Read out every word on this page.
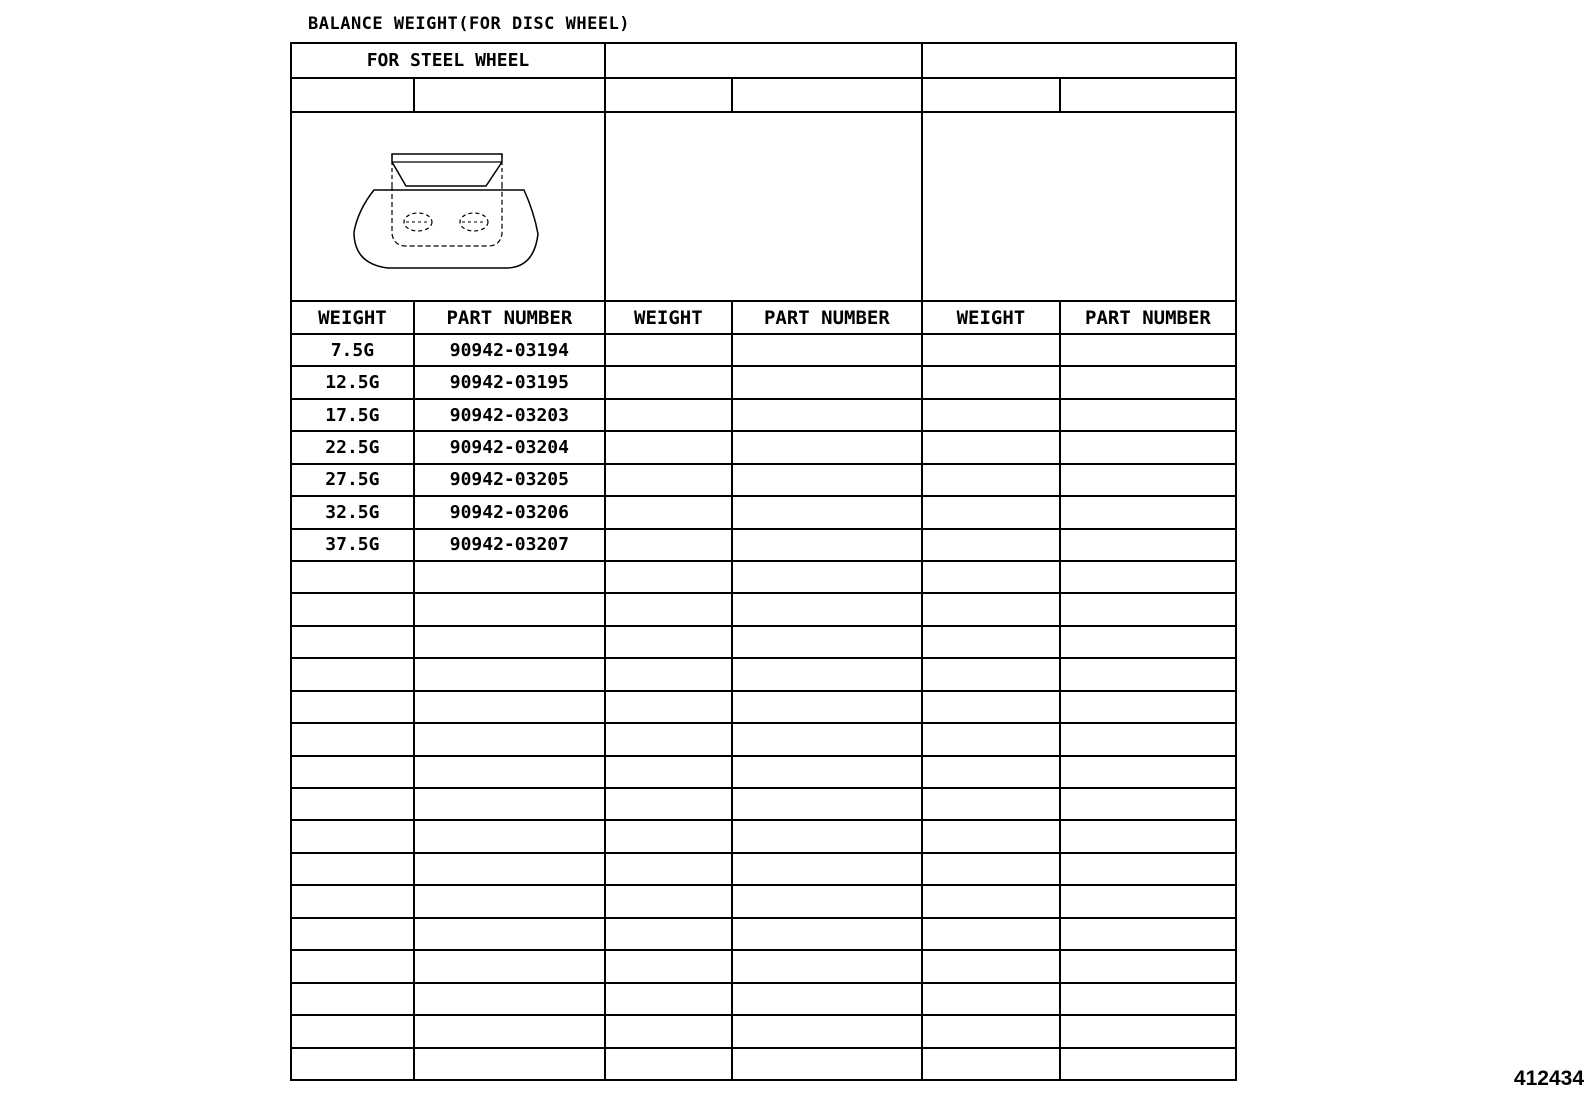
BALANCE WEIGHT(FOR DISC WHEEL)
FOR STEEL WHEEL					

WEIGHT	PART NUMBER	WEIGHT	PART NUMBER	WEIGHT	PART NUMBER
7.5G	90942-03194				
12.5G	90942-03195				
17.5G	90942-03203				
22.5G	90942-03204				
27.5G	90942-03205				
32.5G	90942-03206				
37.5G	90942-03207				

412434
